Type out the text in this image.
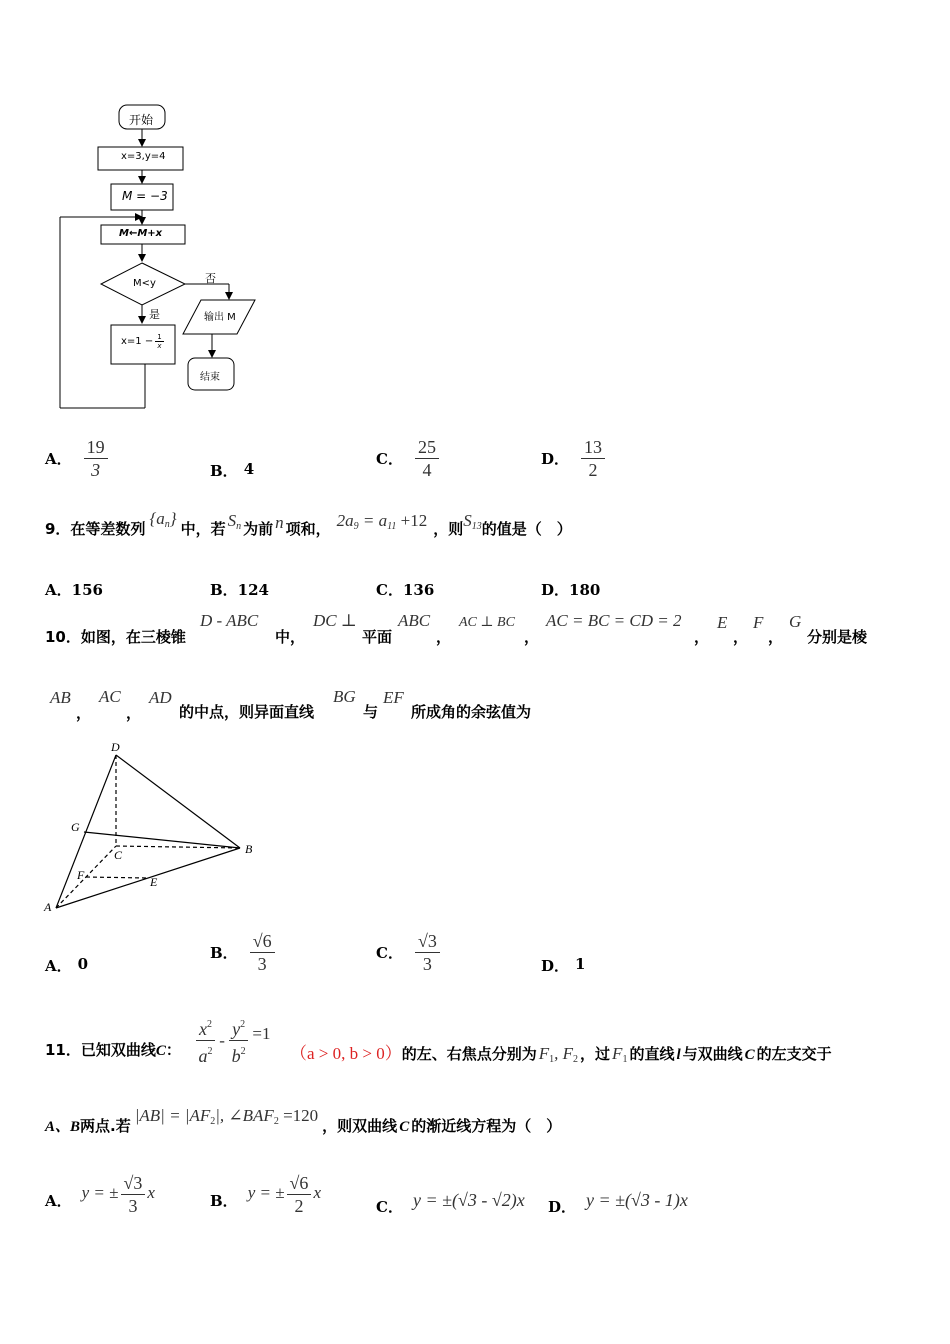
开始
x=3,y=4
M = −3
M←M+x
M<y	否
是	输出 M
$x=1 - \frac{1}{x}$
结束
A． $\frac{19}{3}$	B． 4
C． $\frac{25}{4}$	D． $\frac{13}{2}$
9．在等差数列
$\{a_n\}$
中，若 $S_n$ 为前 n 项和， $2a_9 = a_{11} +12$ ，则 $S_{13}$ 的值是（　）
A．156	B．124	C．136	D．180
10．如图，在三棱锥
D - ABC
中，
DC ⊥
平面
ABC
，
AC ⊥ BC
，
AC = BC = CD = 2
，
E
，
F
，
G
分别是棱
AB
，
AC
，
AD
的中点，则异面直线
BG
与
EF
所成角的余弦值为
D
G
C	B
F	E
A
A． 0
B． $\frac{√6}{3}$	C． $\frac{√3}{3}$	D． 1
11．已知双曲线C： $\frac{x^2}{a^2} - \frac{y^2}{b^2} =1$
（a > 0, b > 0） 的左、右焦点分别为 $F_1$, $F_2$ ，过 $F_1$ 的直线 l 与双曲线 C 的左支交于
A、B 两点.若
$|AB| = |AF_2|$, $\angle BAF_2 =120$
，则双曲线 C 的渐近线方程为（　）
A． y = ± $\frac{√3}{3}$ x	B． y = ± $\frac{√6}{2}$ x
C． y = ±(√3 - √2)x D． y = ±(√3 - 1)x
